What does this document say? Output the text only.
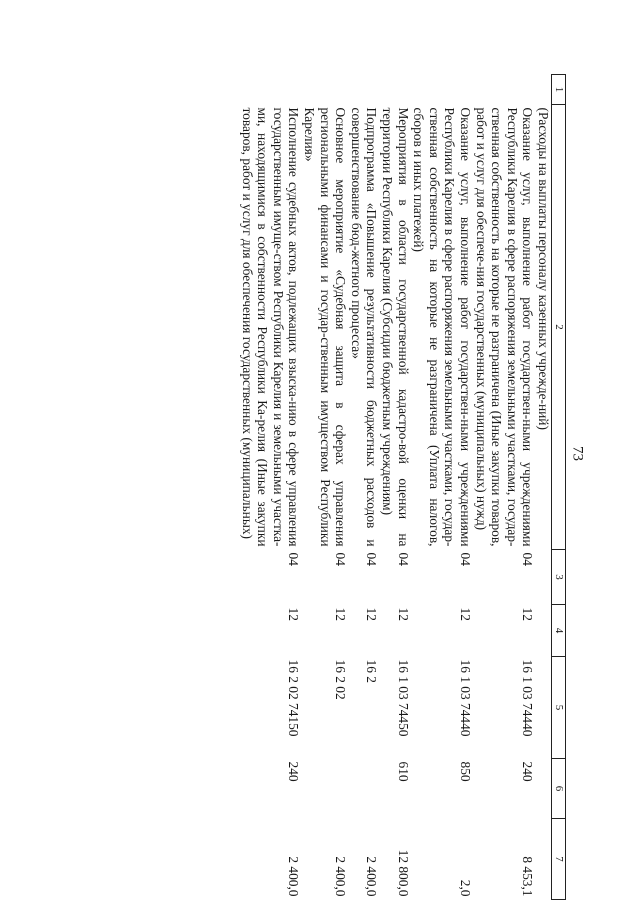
73
1	2	3	4	5	6	7
	(Расходы на выплаты персоналу казенных учрежде-ний)					
	Оказание услуг, выполнение работ государствен-ными учреждениями Республики Карелия в сфере распоряжения земельными участками, государ-ственная собственность на которые не разграничена (Иные закупки товаров, работ и услуг для обеспече-ния государственных (муниципальных) нужд)	04	12	16 1 03 74440	240	8 453,1
	Оказание услуг, выполнение работ государствен-ными учреждениями Республики Карелия в сфере распоряжения земельными участками, государ-ственная собственность на которые не разграничена (Уплата налогов, сборов и иных платежей)	04	12	16 1 03 74440	850	2,0
	Мероприятия в области государственной кадастро-вой оценки на территории Республики Карелия (Субсидии бюджетным учреждениям)	04	12	16 1 03 74450	610	12 800,0
	Подпрограмма «Повышение результативности бюджетных расходов и совершенствование бюд-жетного процесса»	04	12	16 2		2 400,0
	Основное мероприятие «Судебная защита в сферах управления региональными финансами и государ-ственным имуществом Республики Карелия»	04	12	16 2 02		2 400,0
	Исполнение судебных актов, подлежащих взыска-нию в сфере управления государственным имуще-ством Республики Карелия и земельными участка-ми, находящимися в собственности Республики Ка-релия (Иные закупки товаров, работ и услуг для обеспечения государственных (муниципальных)	04	12	16 2 02 74150	240	2 400,0
